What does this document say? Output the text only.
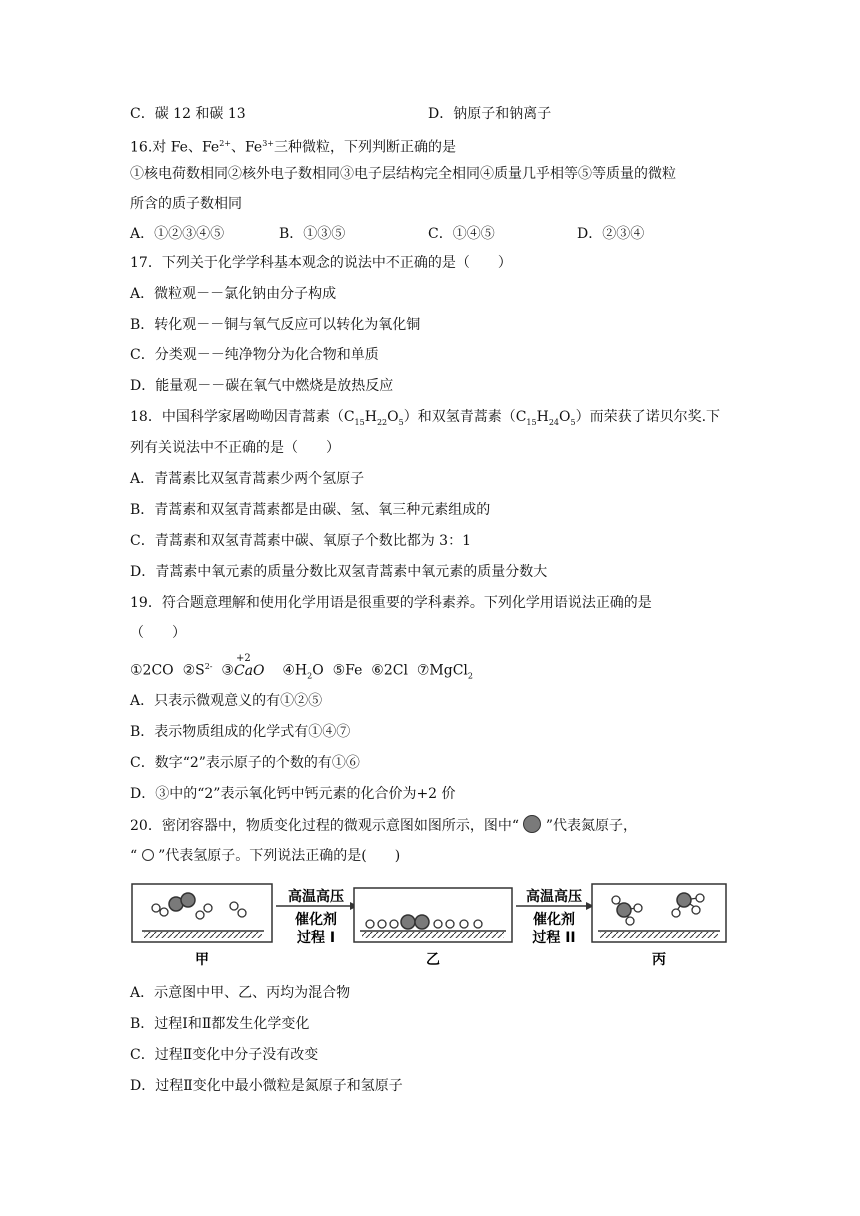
C．碳 12 和碳 13	D．钠原子和钠离子
16.对 Fe、$Fe^{2+}$、$Fe^{3+}$三种微粒，下列判断正确的是
①核电荷数相同②核外电子数相同③电子层结构完全相同④质量几乎相等⑤等质量的微粒
所含的质子数相同
A．①②③④⑤	B．①③⑤	C．①④⑤	D．②③④
17．下列关于化学学科基本观念的说法中不正确的是（　　）
A．微粒观－－氯化钠由分子构成
B．转化观－－铜与氧气反应可以转化为氧化铜
C．分类观－－纯净物分为化合物和单质
D．能量观－－碳在氧气中燃烧是放热反应
18．中国科学家屠呦呦因青蒿素$(C_{15}H_{22}O_5)$和双氢青蒿素$(C_{15}H_{24}O_5)$而荣获了诺贝尔奖.下
列有关说法中不正确的是（　　）
A．青蒿素比双氢青蒿素少两个氢原子
B．青蒿素和双氢青蒿素都是由碳、氢、氧三种元素组成的
C．青蒿素和双氢青蒿素中碳、氧原子个数比都为 3：1
D．青蒿素中氧元素的质量分数比双氢青蒿素中氧元素的质量分数大
19．符合题意理解和使用化学用语是很重要的学科素养。下列化学用语说法正确的是
（　　）
①2CO $②S^{2-}$ ③
+2
CaO $④H_2O$ ⑤Fe ⑥2Cl ⑦MgCl$_2$
A．只表示微观意义的有①②⑤
B．表示物质组成的化学式有①④⑦
C．数字“2”表示原子的个数的有①⑥
D．③中的“2”表示氧化钙中钙元素的化合价为+2 价
20．密闭容器中，物质变化过程的微观示意图如图所示，图中“ ”代表氮原子，
“ ”代表氢原子。下列说法正确的是(　　)
甲
高温高压
催化剂
过程 I
乙
高温高压
催化剂
过程 II
丙
A．示意图中甲、乙、丙均为混合物
B．过程Ⅰ和Ⅱ都发生化学变化
C．过程Ⅱ变化中分子没有改变
D．过程Ⅱ变化中最小微粒是氮原子和氢原子
